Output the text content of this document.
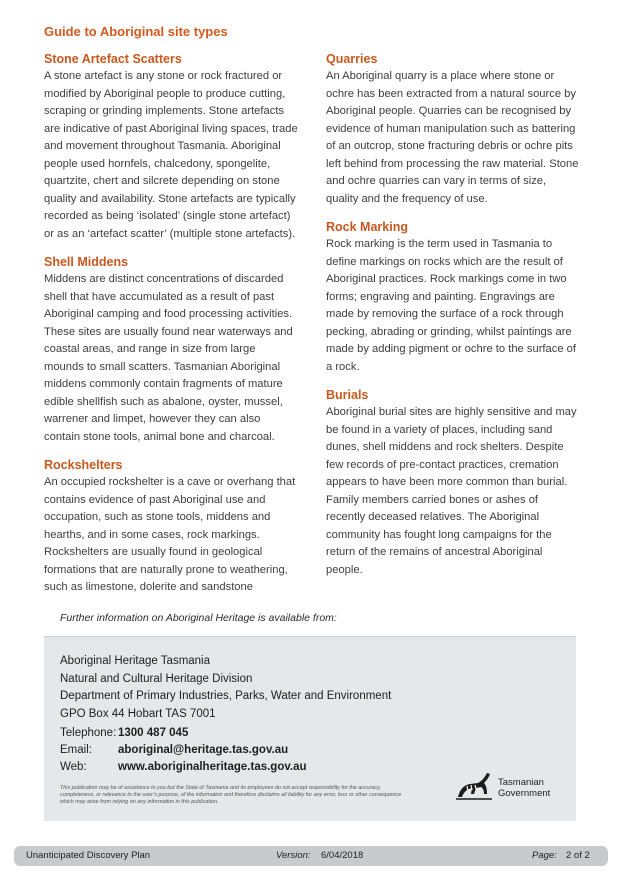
Guide to Aboriginal site types
Stone Artefact Scatters

A stone artefact is any stone or rock fractured or modified by Aboriginal people to produce cutting, scraping or grinding implements. Stone artefacts are indicative of past Aboriginal living spaces, trade and movement throughout Tasmania. Aboriginal people used hornfels, chalcedony, spongelite, quartzite, chert and silcrete depending on stone quality and availability. Stone artefacts are typically recorded as being ‘isolated’ (single stone artefact) or as an ‘artefact scatter’ (multiple stone artefacts).

Shell Middens

Middens are distinct concentrations of discarded shell that have accumulated as a result of past Aboriginal camping and food processing activities. These sites are usually found near waterways and coastal areas, and range in size from large mounds to small scatters. Tasmanian Aboriginal middens commonly contain fragments of mature edible shellfish such as abalone, oyster, mussel, warrener and limpet, however they can also contain stone tools, animal bone and charcoal.

Rockshelters

An occupied rockshelter is a cave or overhang that contains evidence of past Aboriginal use and occupation, such as stone tools, middens and hearths, and in some cases, rock markings. Rockshelters are usually found in geological formations that are naturally prone to weathering, such as limestone, dolerite and sandstone

Quarries

An Aboriginal quarry is a place where stone or ochre has been extracted from a natural source by Aboriginal people. Quarries can be recognised by evidence of human manipulation such as battering of an outcrop, stone fracturing debris or ochre pits left behind from processing the raw material. Stone and ochre quarries can vary in terms of size, quality and the frequency of use.

Rock Marking

Rock marking is the term used in Tasmania to define markings on rocks which are the result of Aboriginal practices. Rock markings come in two forms; engraving and painting. Engravings are made by removing the surface of a rock through pecking, abrading or grinding, whilst paintings are made by adding pigment or ochre to the surface of a rock.

Burials

Aboriginal burial sites are highly sensitive and may be found in a variety of places, including sand dunes, shell middens and rock shelters. Despite few records of pre-contact practices, cremation appears to have been more common than burial. Family members carried bones or ashes of recently deceased relatives. The Aboriginal community has fought long campaigns for the return of the remains of ancestral Aboriginal people.

Further information on Aboriginal Heritage is available from:
Aboriginal Heritage Tasmania
Natural and Cultural Heritage Division
Department of Primary Industries, Parks, Water and Environment
GPO Box 44 Hobart TAS 7001
Telephone: 1300 487 045
Email:	aboriginal@heritage.tas.gov.au
Web:	www.aboriginalheritage.tas.gov.au
This publication may be of assistance to you but the State of Tasmania and its employees do not accept responsibility for the accuracy, completeness, or relevance to the user’s purpose, of the information and therefore disclaims all liability for any error, loss or other consequence which may arise from relying on any information in this publication.
Tasmanian
Government
Unanticipated Discovery Plan	Version: 6/04/2018	Page: 2 of 2
